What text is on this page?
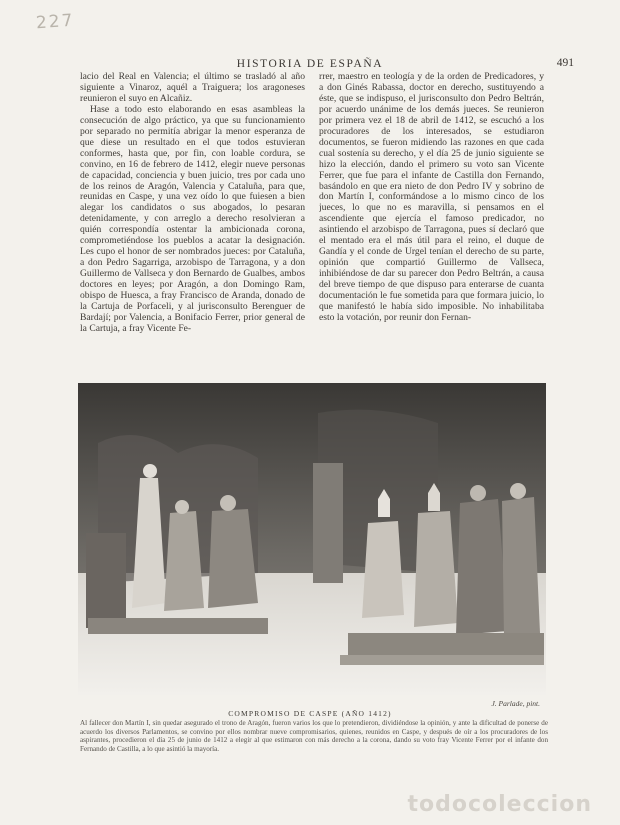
227
HISTORIA DE ESPAÑA	491

lacio del Real en Valencia; el último se trasladó al año siguiente a Vinaroz, aquél a Traiguera; los aragoneses reunieron el suyo en Alcañiz.

Hase a todo esto elaborando en esas asambleas la consecución de algo práctico, ya que su funcionamiento por separado no permitía abrigar la menor esperanza de que diese un resultado en el que todos estuvieran conformes, hasta que, por fin, con loable cordura, se convino, en 16 de febrero de 1412, elegir nueve personas de capacidad, conciencia y buen juicio, tres por cada uno de los reinos de Aragón, Valencia y Cataluña, para que, reunidas en Caspe, y una vez oído lo que fuiesen a bien alegar los candidatos o sus abogados, lo pesaran detenidamente, y con arreglo a derecho resolvieran a quién correspondía ostentar la ambicionada corona, comprometiéndose los pueblos a acatar la designación. Les cupo el honor de ser nombrados jueces: por Cataluña, a don Pedro Sagarriga, arzobispo de Tarragona, y a don Guillermo de Vallseca y don Bernardo de Gualbes, ambos doctores en leyes; por Aragón, a don Domingo Ram, obispo de Huesca, a fray Francisco de Aranda, donado de la Cartuja de Porfaceli, y al jurisconsulto Berenguer de Bardají; por Valencia, a Bonifacio Ferrer, prior general de la Cartuja, a fray Vicente Fe-

rrer, maestro en teología y de la orden de Predicadores, y a don Ginés Rabassa, doctor en derecho, sustituyendo a éste, que se indispuso, el jurisconsulto don Pedro Beltrán, por acuerdo unánime de los demás jueces. Se reunieron por primera vez el 18 de abril de 1412, se escuchó a los procuradores de los interesados, se estudiaron documentos, se fueron midiendo las razones en que cada cual sostenía su derecho, y el día 25 de junio siguiente se hizo la elección, dando el primero su voto san Vicente Ferrer, que fue para el infante de Castilla don Fernando, basándolo en que era nieto de don Pedro IV y sobrino de don Martín I, conformándose a lo mismo cinco de los jueces, lo que no es maravilla, si pensamos en el ascendiente que ejercía el famoso predicador, no asintiendo el arzobispo de Tarragona, pues sí declaró que el mentado era el más útil para el reino, el duque de Gandía y el conde de Urgel tenían el derecho de su parte, opinión que compartió Guillermo de Vallseca, inhibiéndose de dar su parecer don Pedro Beltrán, a causa del breve tiempo de que dispuso para enterarse de cuanta documentación le fue sometida para que formara juicio, lo que manifestó le había sido imposible. No inhabilitaba esto la votación, por reunir don Fernan-

J. Parlade, pint.
COMPROMISO DE CASPE (AÑO 1412)
Al fallecer don Martín I, sin quedar asegurado el trono de Aragón, fueron varios los que lo pretendieron, dividiéndose la opinión, y ante la dificultad de ponerse de acuerdo los diversos Parlamentos, se convino por ellos nombrar nueve compromisarios, quienes, reunidos en Caspe, y después de oír a los procuradores de los aspirantes, procedieron el día 25 de junio de 1412 a elegir al que estimaron con más derecho a la corona, dando su voto fray Vicente Ferrer por el infante don Fernando de Castilla, a lo que asintió la mayoría.
todocoleccion
